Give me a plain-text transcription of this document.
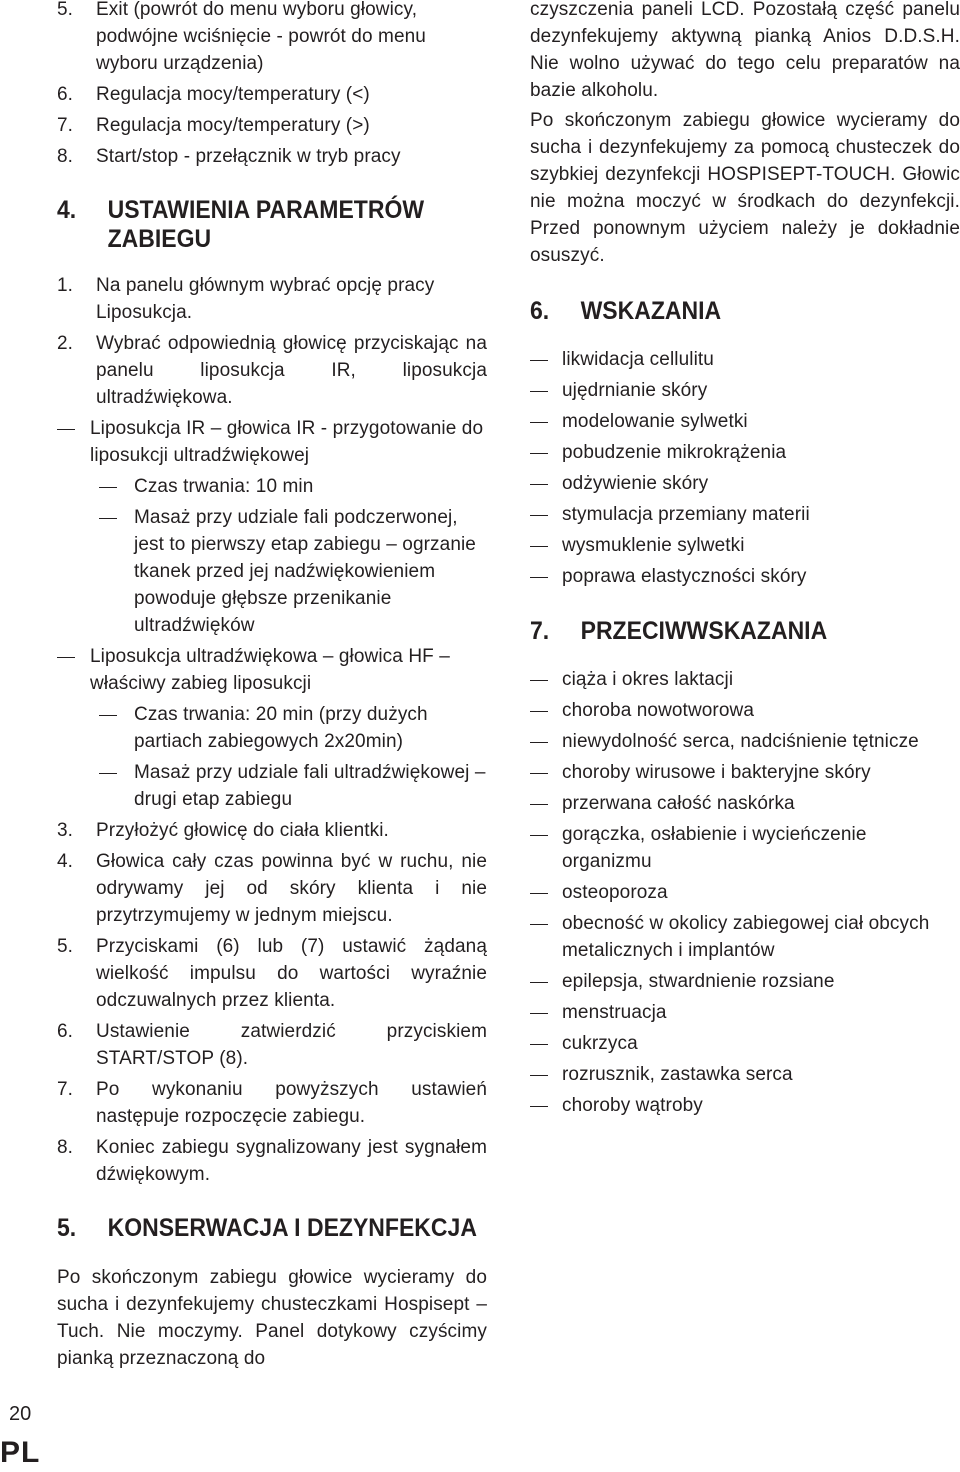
5. Exit (powrót do menu wyboru głowicy, podwójne wciśnięcie - powrót do menu wyboru urządzenia)
6. Regulacja mocy/temperatury (<)
7. Regulacja mocy/temperatury (>)
8. Start/stop - przełącznik w tryb pracy
4. USTAWIENIA PARAMETRÓW
ZABIEGU
1. Na panelu głównym wybrać opcję pracy Liposukcja.
2. Wybrać odpowiednią głowicę przyciskając na panelu liposukcja IR, liposukcja ultradźwiękowa.
Liposukcja IR – głowica IR - przygotowanie do liposukcji ultradźwiękowej
Czas trwania: 10 min
Masaż przy udziale fali podczerwonej, jest to pierwszy etap zabiegu – ogrzanie tkanek przed jej nadźwiękowieniem powoduje głębsze przenikanie ultradźwięków
Liposukcja ultradźwiękowa – głowica HF – właściwy zabieg liposukcji
Czas trwania: 20 min (przy dużych partiach zabiegowych 2x20min)
Masaż przy udziale fali ultradźwiękowej – drugi etap zabiegu
3. Przyłożyć głowicę do ciała klientki.
4. Głowica cały czas powinna być w ruchu, nie odrywamy jej od skóry klienta i nie przytrzymujemy w jednym miejscu.
5. Przyciskami (6) lub (7) ustawić żądaną wielkość impulsu do wartości wyraźnie odczuwalnych przez klienta.
6. Ustawienie zatwierdzić przyciskiem START/STOP (8).
7. Po wykonaniu powyższych ustawień następuje rozpoczęcie zabiegu.
8. Koniec zabiegu sygnalizowany jest sygnałem dźwiękowym.
5. KONSERWACJA I DEZYNFEKCJA
Po skończonym zabiegu głowice wycieramy do sucha i dezynfekujemy chusteczkami Hospisept – Tuch. Nie moczymy. Panel dotykowy czyścimy pianką przeznaczoną do
czyszczenia paneli LCD. Pozostałą część panelu dezynfekujemy aktywną pianką Anios D.D.S.H. Nie wolno używać do tego celu preparatów na bazie alkoholu.
Po skończonym zabiegu głowice wycieramy do sucha i dezynfekujemy za pomocą chusteczek do szybkiej dezynfekcji HOSPISEPT-TOUCH. Głowic nie można moczyć w środkach do dezynfekcji. Przed ponownym użyciem należy je dokładnie osuszyć.
6. WSKAZANIA
likwidacja cellulitu
ujędrnianie skóry
modelowanie sylwetki
pobudzenie mikrokrążenia
odżywienie skóry
stymulacja przemiany materii
wysmuklenie sylwetki
poprawa elastyczności skóry
7. PRZECIWWSKAZANIA
ciąża i okres laktacji
choroba nowotworowa
niewydolność serca, nadciśnienie tętnicze
choroby wirusowe i bakteryjne skóry
przerwana całość naskórka
gorączka, osłabienie i wycieńczenie organizmu
osteoporoza
obecność w okolicy zabiegowej ciał obcych metalicznych i implantów
epilepsja, stwardnienie rozsiane
menstruacja
cukrzyca
rozrusznik, zastawka serca
choroby wątroby
20
PL
